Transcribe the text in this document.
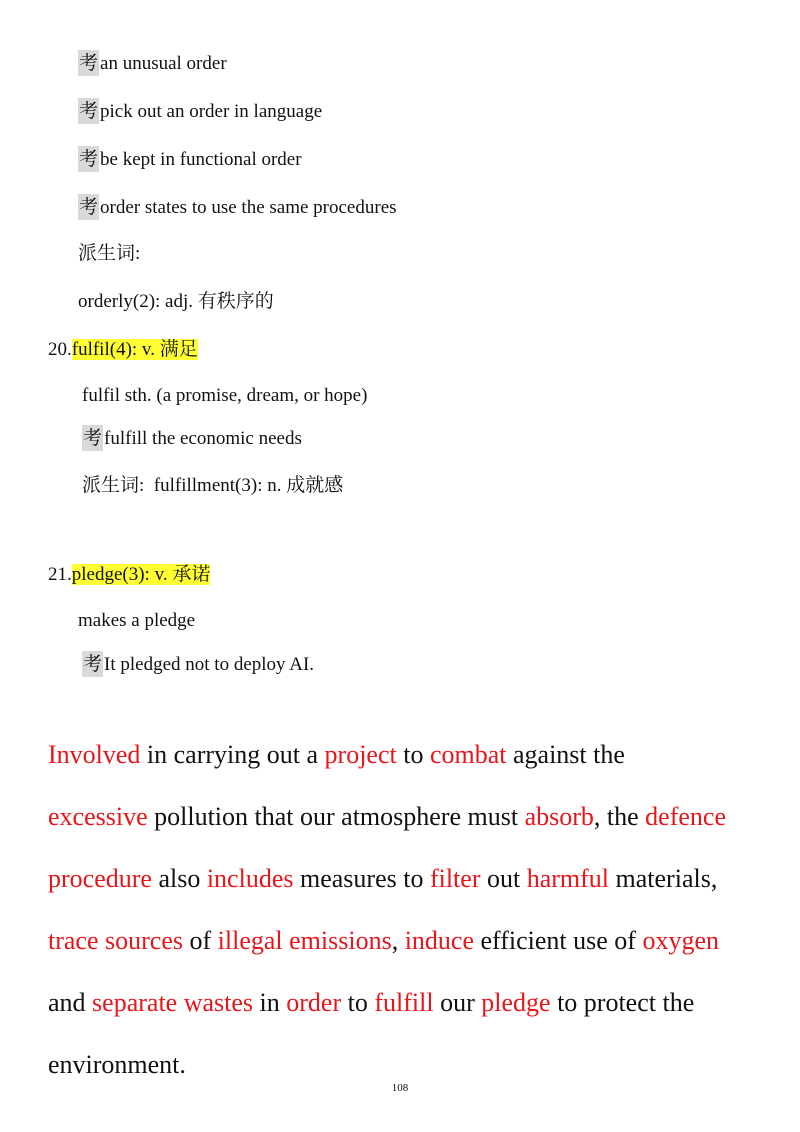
考 an unusual order
考 pick out an order in language
考 be kept in functional order
考 order states to use the same procedures
派生词:
orderly(2): adj. 有秩序的
20.fulfil(4): v. 满足
fulfil sth. (a promise, dream, or hope)
考 fulfill the economic needs
派生词: fulfillment(3): n. 成就感
21.pledge(3): v. 承诺
makes a pledge
考 It pledged not to deploy AI.
Involved in carrying out a project to combat against the
excessive pollution that our atmosphere must absorb, the defence
procedure also includes measures to filter out harmful materials,
trace sources of illegal emissions, induce efficient use of oxygen
and separate wastes in order to fulfill our pledge to protect the
environment.
108
